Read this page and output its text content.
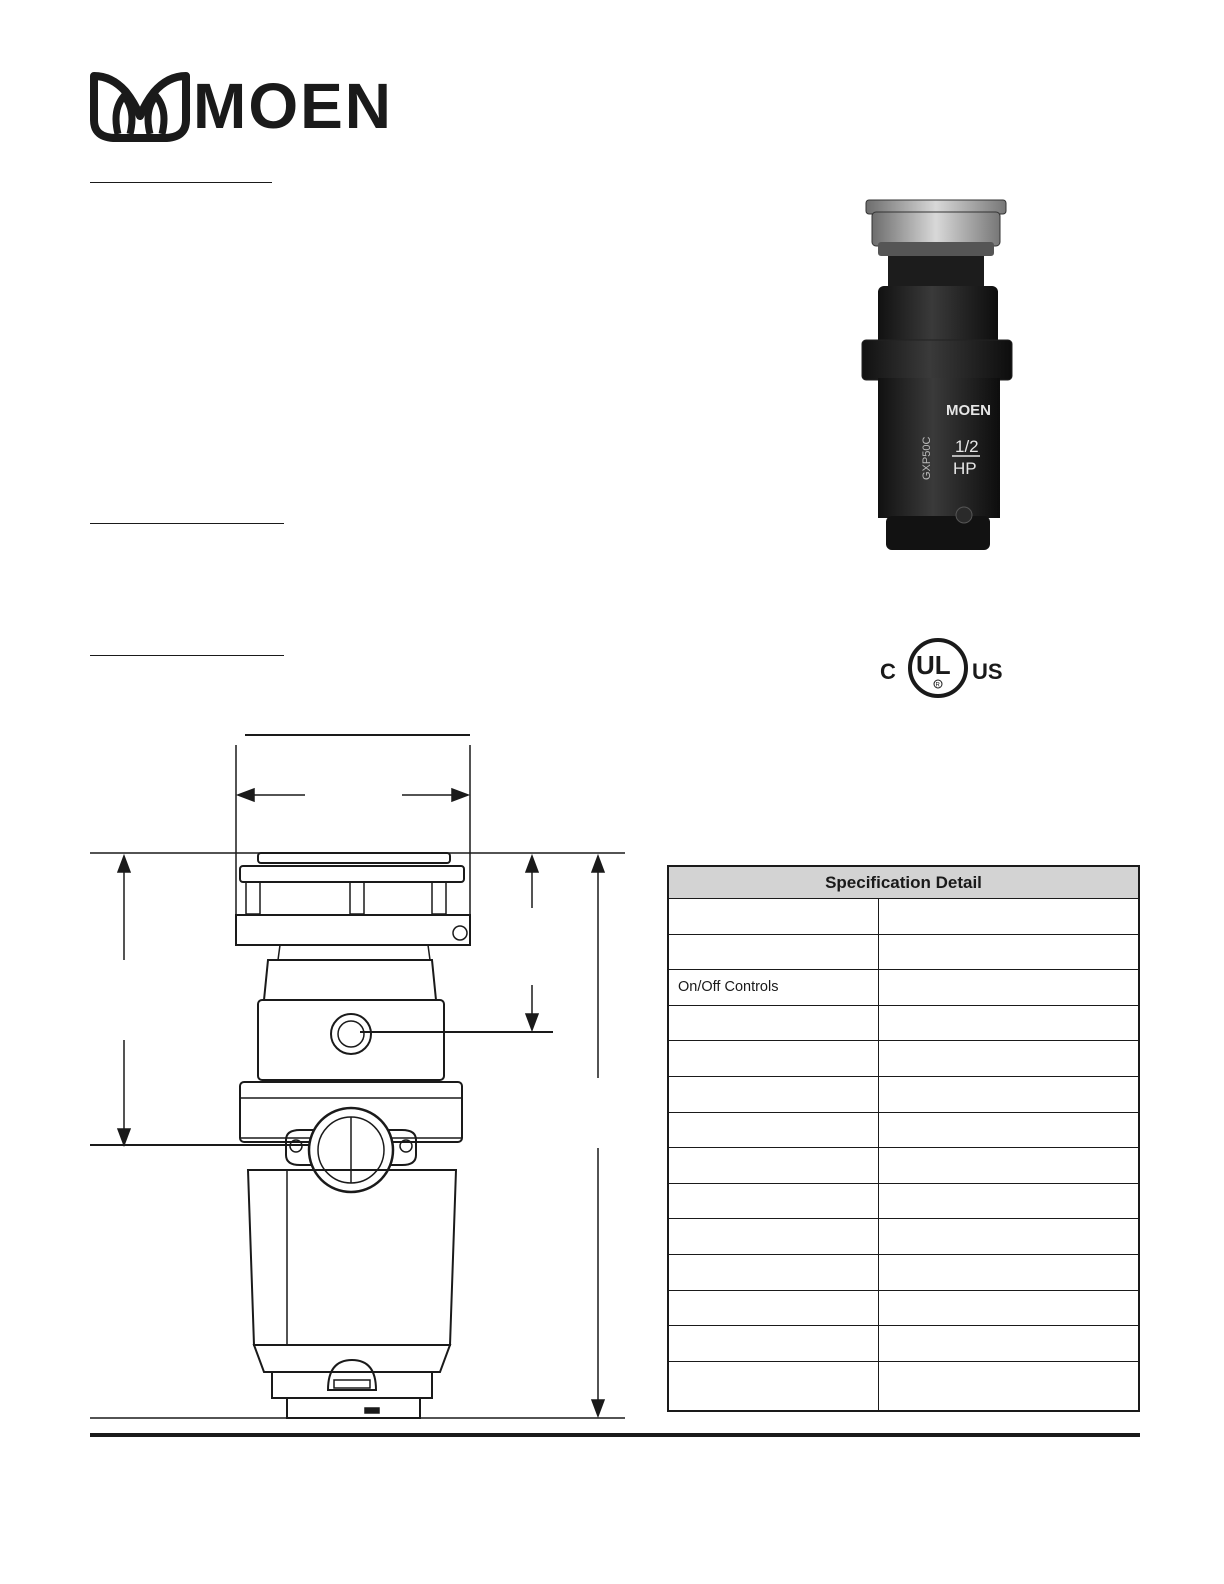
MOEN
MOEN
1/2
HP
GXP50C
C UL
R
US
Specification Detail
On/Off Controls
